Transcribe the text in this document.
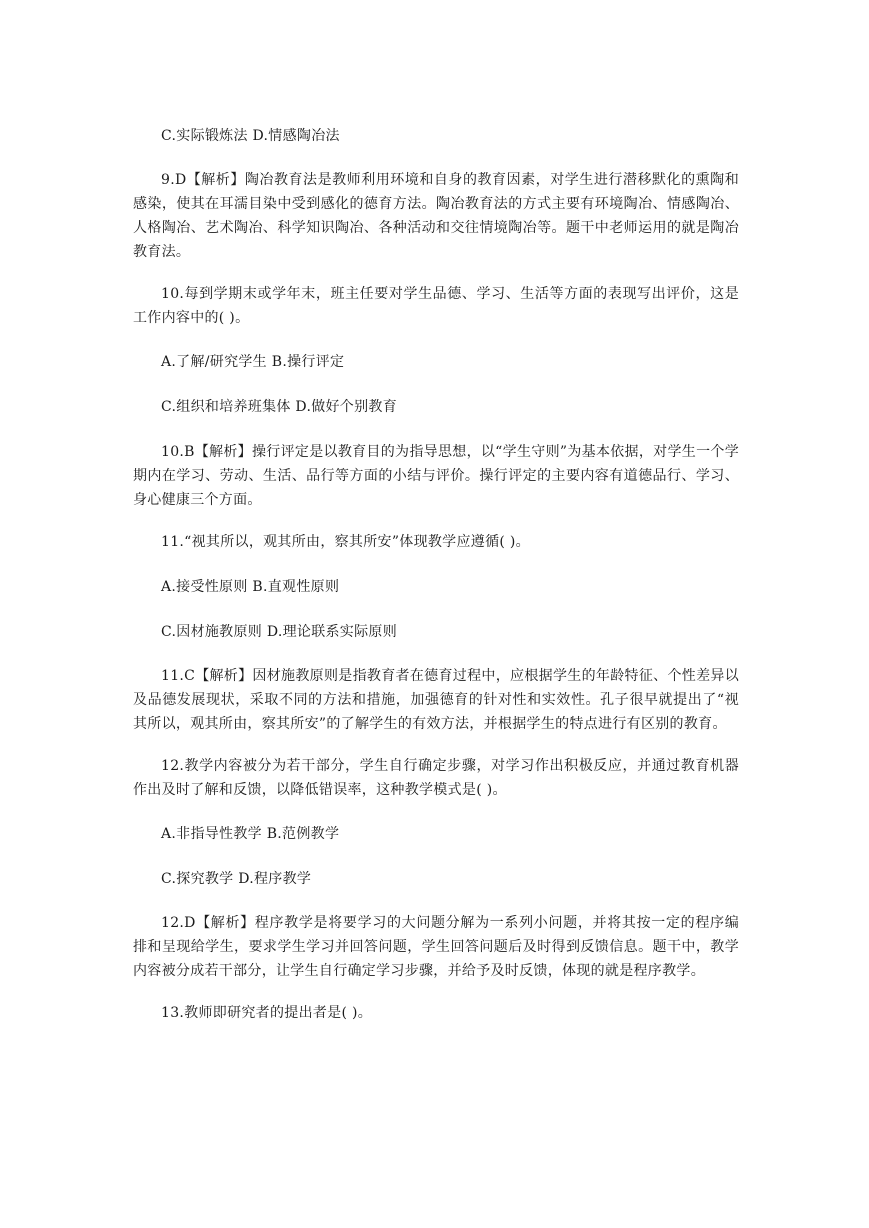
C.实际锻炼法 D.情感陶冶法

9.D【解析】陶冶教育法是教师利用环境和自身的教育因素，对学生进行潜移默化的熏陶和感染，使其在耳濡目染中受到感化的德育方法。陶冶教育法的方式主要有环境陶冶、情感陶冶、人格陶冶、艺术陶冶、科学知识陶冶、各种活动和交往情境陶冶等。题干中老师运用的就是陶冶教育法。

10.每到学期末或学年末，班主任要对学生品德、学习、生活等方面的表现写出评价，这是工作内容中的( )。

A.了解/研究学生 B.操行评定

C.组织和培养班集体 D.做好个别教育

10.B【解析】操行评定是以教育目的为指导思想，以“学生守则”为基本依据，对学生一个学期内在学习、劳动、生活、品行等方面的小结与评价。操行评定的主要内容有道德品行、学习、身心健康三个方面。

11.“视其所以，观其所由，察其所安”体现教学应遵循( )。

A.接受性原则 B.直观性原则

C.因材施教原则 D.理论联系实际原则

11.C【解析】因材施教原则是指教育者在德育过程中，应根据学生的年龄特征、个性差异以及品德发展现状，采取不同的方法和措施，加强德育的针对性和实效性。孔子很早就提出了“视其所以，观其所由，察其所安”的了解学生的有效方法，并根据学生的特点进行有区别的教育。

12.教学内容被分为若干部分，学生自行确定步骤，对学习作出积极反应，并通过教育机器作出及时了解和反馈，以降低错误率，这种教学模式是( )。

A.非指导性教学 B.范例教学

C.探究教学 D.程序教学

12.D【解析】程序教学是将要学习的大问题分解为一系列小问题，并将其按一定的程序编排和呈现给学生，要求学生学习并回答问题，学生回答问题后及时得到反馈信息。题干中，教学内容被分成若干部分，让学生自行确定学习步骤，并给予及时反馈，体现的就是程序教学。

13.教师即研究者的提出者是( )。
